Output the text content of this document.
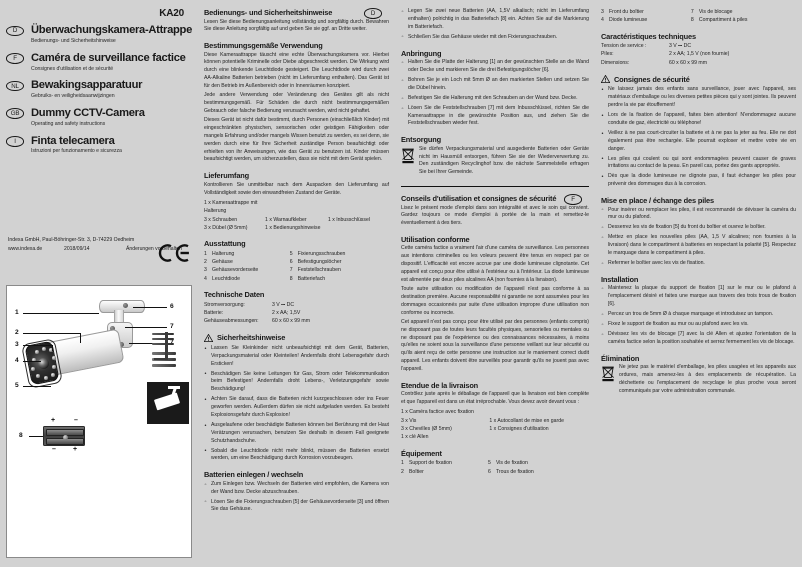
KA20
D	Überwachungskamera-Attrappe
Bedienungs- und Sicherheitshinweise
F	Caméra de surveillance factice
Consignes d'utilisation et de sécurité
NL	Bewakingsapparatuur
Gebruiks- en veiligheidsaanwijzingen
GB	Dummy CCTV-Camera
Operating and safety instructions
I	Finta telecamera
Istruzioni per funzionamento e sicurezza
Indexa GmbH, Paul-Böhringer-Str. 3, D-74229 Oedheim
www.indexa.de	2018/09/14	Änderungen vorbehalten
1
2
3
4
5
6
7
8
+	–
– +
Bedienungs- und Sicherheitshinweise	D

Lesen Sie diese Bedienungsanleitung vollständig und sorgfältig durch. Bewahren Sie diese Anleitung sorgfältig auf und geben Sie sie ggf. an Dritte weiter.

Bestimmungsgemäße Verwendung

Diese Kameraattrappe täuscht eine echte Überwachungskamera vor. Hierbei können potentielle Kriminelle oder Diebe abgeschreckt werden. Die Wirkung wird durch eine blinkende Leuchtdiode gesteigert. Die Leuchtdiode wird durch zwei AA-Alkaline Batterien betrieben (nicht im Lieferumfang enthalten). Das Gerät ist für den Betrieb im Außenbereich oder in Innenräumen konzipiert.

Jede andere Verwendung oder Veränderung des Gerätes gilt als nicht bestimmungsgemäß. Für Schäden die durch nicht bestimmungsgemäßen Gebrauch oder falsche Bedienung verursacht werden, wird nicht gehaftet.

Dieses Gerät ist nicht dafür bestimmt, durch Personen (einschließlich Kinder) mit eingeschränkten physischen, sensorischen oder geistigen Fähigkeiten oder mangels Erfahrung und/oder mangels Wissen benutzt zu werden, es sei denn, sie werden durch eine für Ihre Sicherheit zuständige Person beaufsichtigt oder erhielten von ihr Anweisungen, wie das Gerät zu benutzen ist. Kinder müssen beaufsichtigt werden, um sicherzustellen, dass sie nicht mit dem Gerät spielen.

Lieferumfang

Kontrollieren Sie unmittelbar nach dem Auspacken den Lieferumfang auf Vollständigkeit sowie den einwandfreien Zustand der Geräte.

1 x Kameraattrappe mit Halterung		
3 x Schrauben	1 x Warnaufkleber	1 x Inbusschlüssel
3 x Dübel (Ø 5mm)	1 x Bedienungshinweise	
Ausstattung
1	Halterung	5	Fixierungsschrauben
2	Gehäuse	6	Befestigungslöcher
3	Gehäusevorderseite	7	Feststellschrauben
4	Leuchtdiode	8	Batteriefach
Technische Daten
Stromversorgung:	3 V ⎓ DC
Batterie:	2 x AA; 1,5V
Gehäuseabmessungen:	60 x 60 x 99 mm
Sicherheitshinweise
• Lassen Sie Kleinkinder nicht unbeaufsichtigt mit dem Gerät, Batterien, Verpackungsmaterial oder Kleinteilen! Andernfalls droht Lebensgefahr durch Ersticken!
• Beschädigen Sie keine Leitungen für Gas, Strom oder Telekommunikation beim Befestigen! Andernfalls droht Lebens-, Verletzungsgefahr sowie Beschädigung!
• Achten Sie darauf, dass die Batterien nicht kurzgeschlossen oder ins Feuer geworfen werden. Außerdem dürfen sie nicht aufgeladen werden. Es besteht Explosionsgefahr durch Explosion!
• Ausgelaufene oder beschädigte Batterien können bei Berührung mit der Haut Verätzungen verursachen, benutzen Sie deshalb in diesem Fall geeignete Schutzhandschuhe.
• Sobald die Leuchtdiode nicht mehr blinkt, müssen die Batterien ersetzt werden, um eine Beschädigung durch Korrosion vorzubeugen.
Batterien einlegen / wechseln
◦ Zum Einlegen bzw. Wechseln der Batterien wird empfohlen, die Kamera von der Wand bzw. Decke abzuschrauben.
◦ Lösen Sie die Fixierungsschrauben [5] der Gehäusevorderseite [3] und öffnen Sie das Gehäuse.
◦ Legen Sie zwei neue Batterien (AA, 1,5V alkalisch; nicht im Lieferumfang enthalten) polrichtig in das Batteriefach [8] ein. Achten Sie auf die Markierung im Batteriefach.
◦ Schließen Sie das Gehäuse wieder mit den Fixierungsschrauben.
Anbringung
◦ Halten Sie die Platte der Halterung [1] an der gewünschten Stelle an die Wand oder Decke und markieren Sie die drei Befestigungslöcher [6].
◦ Bohren Sie je ein Loch mit 5mm Ø an den markierten Stellen und setzen Sie die Dübel hinein.
◦ Befestigen Sie die Halterung mit den Schrauben an der Wand bzw. Decke.
◦ Lösen Sie die Feststellschrauben [7] mit dem Inbusschlüssel, richten Sie die Kameraattrappe in die gewünschte Position aus, und ziehen Sie die Feststellschrauben wieder fest.
Entsorgung
Sie dürfen Verpackungsmaterial und ausgediente Batterien oder Geräte nicht im Hausmüll entsorgen, führen Sie sie der Wiederverwertung zu. Den zuständigen Recyclinghof bzw. die nächste Sammelstelle erfragen Sie bei Ihrer Gemeinde.
Conseils d'utilisation et consignes de sécurité	F

Lisez le présent mode d'emploi dans son intégralité et avec le soin qui convient. Gardez toujours ce mode d'emploi à portée de la main et remettez-le éventuellement à des tiers.

Utilisation conforme

Cette caméra factice a vraiment l'air d'une caméra de surveillance. Les personnes aux intentions criminelles ou les voleurs peuvent être tenus en respect par ce dispositif. L'efficacité est encore accrue par une diode lumineuse clignotante. Cet appareil est conçu pour être utilisé à l'extérieur ou à l'intérieur. La diode lumineuse est alimentée par deux piles alcalines AA (non fournies à la livraison).

Toute autre utilisation ou modification de l'appareil n'est pas conforme à sa destination première. Aucune responsabilité ni garantie ne sont assumées pour les dommages occasionnés par suite d'une utilisation impropre d'une utilisation non conforme ou incorrecte.

Cet appareil n'est pas conçu pour être utilisé par des personnes (enfants compris) ne disposant pas de toutes leurs facultés physiques, sensorielles ou mentales ou ne disposant pas de l'expérience ou des connaissances nécessaires, à moins qu'elles ne soient sous la surveillance d'une personne veillant sur leur sécurité ou qu'ils aient reçu de cette personne une instruction sur le maniement correct dudit appareil. Les enfants doivent être surveillés pour garantir qu'ils ne jouent pas avec l'appareil.

Etendue de la livraison

Contrôlez juste après le déballage de l'appareil que la livraison est bien complète et que l'appareil est dans un état irréprochable. Vous devez avoir devant vous :

1 x Caméra factice avec fixation	
3 x Vis	1 x Autocollant de mise en garde
3 x Chevilles (Ø 5mm)	1 x Consignes d'utilisation
1 x clé Allen	
Équipement
1	Support de fixation	5	Vis de fixation
2	Boîtier	6	Trous de fixation
3	Front du boîtier	7	Vis de blocage
4	Diode lumineuse	8	Compartiment à piles
Caractéristiques techniques
Tension de service :	3 V ⎓ DC
Piles:	2 x AA; 1,5 V (non fournie)
Dimensions:	60 x 60 x 99 mm
Consignes de sécurité
• Ne laissez jamais des enfants sans surveillance, jouer avec l'appareil, ses matériaux d'emballage ou les diverses petites pièces qui y sont jointes. Ils peuvent perdre la vie par étouffement!
• Lors de la fixation de l'appareil, faites bien attention! N'endommagez aucune conduite de gaz, électricité ou téléphone!
• Veillez à ne pas court-circuiter la batterie et à ne pas la jeter au feu. Elle ne doit également pas être rechargée. Elle pourrait exploser et mettre votre vie en danger.
• Les piles qui coulent ou qui sont endommagées peuvent causer de graves irritations au contact de la peau. En pareil cas, portez des gants appropriés.
• Dès que la diode lumineuse ne clignote pas, il faut échanger les piles pour prévenir des dommages dus à la corrosion.
Mise en place / échange des piles
◦ Pour insérer ou remplacer les piles, il est recommandé de dévisser la caméra du mur ou du plafond.
◦ Desserrez les vis de fixation [5] du front du boîtier et ouvrez le boîtier.
◦ Mettez en place les nouvelles piles (AA, 1,5 V alcalines; non fournies à la livraison) dans le compartiment à batteries en respectant la polarité [5]. Respectez le marquage dans le compartiment à piles.
◦ Refermer le boîtier avec les vis de fixation.
Installation
◦ Maintenez la plaque du support de fixation [1] sur le mur ou le plafond à l'emplacement désiré et faites une marque aux travers des trois trous de fixation [6].
◦ Percez un trou de 5mm Ø à chaque marquage et introduisez un tampon.
◦ Fixez le support de fixation au mur ou au plafond avec les vis.
◦ Dévissez les vis de blocage [7] avec la clé Allen et ajustez l'orientation de la caméra factice selon la position souhaitée et serrez fermement les vis de blocage.
Élimination
Ne jetez pas le matériel d'emballage, les piles usagées et les appareils aux ordures, mais amenez-les à des emplacements de récupération. La déchetterie ou l'emplacement de recyclage le plus proche vous seront communiqués par votre administration communale.
